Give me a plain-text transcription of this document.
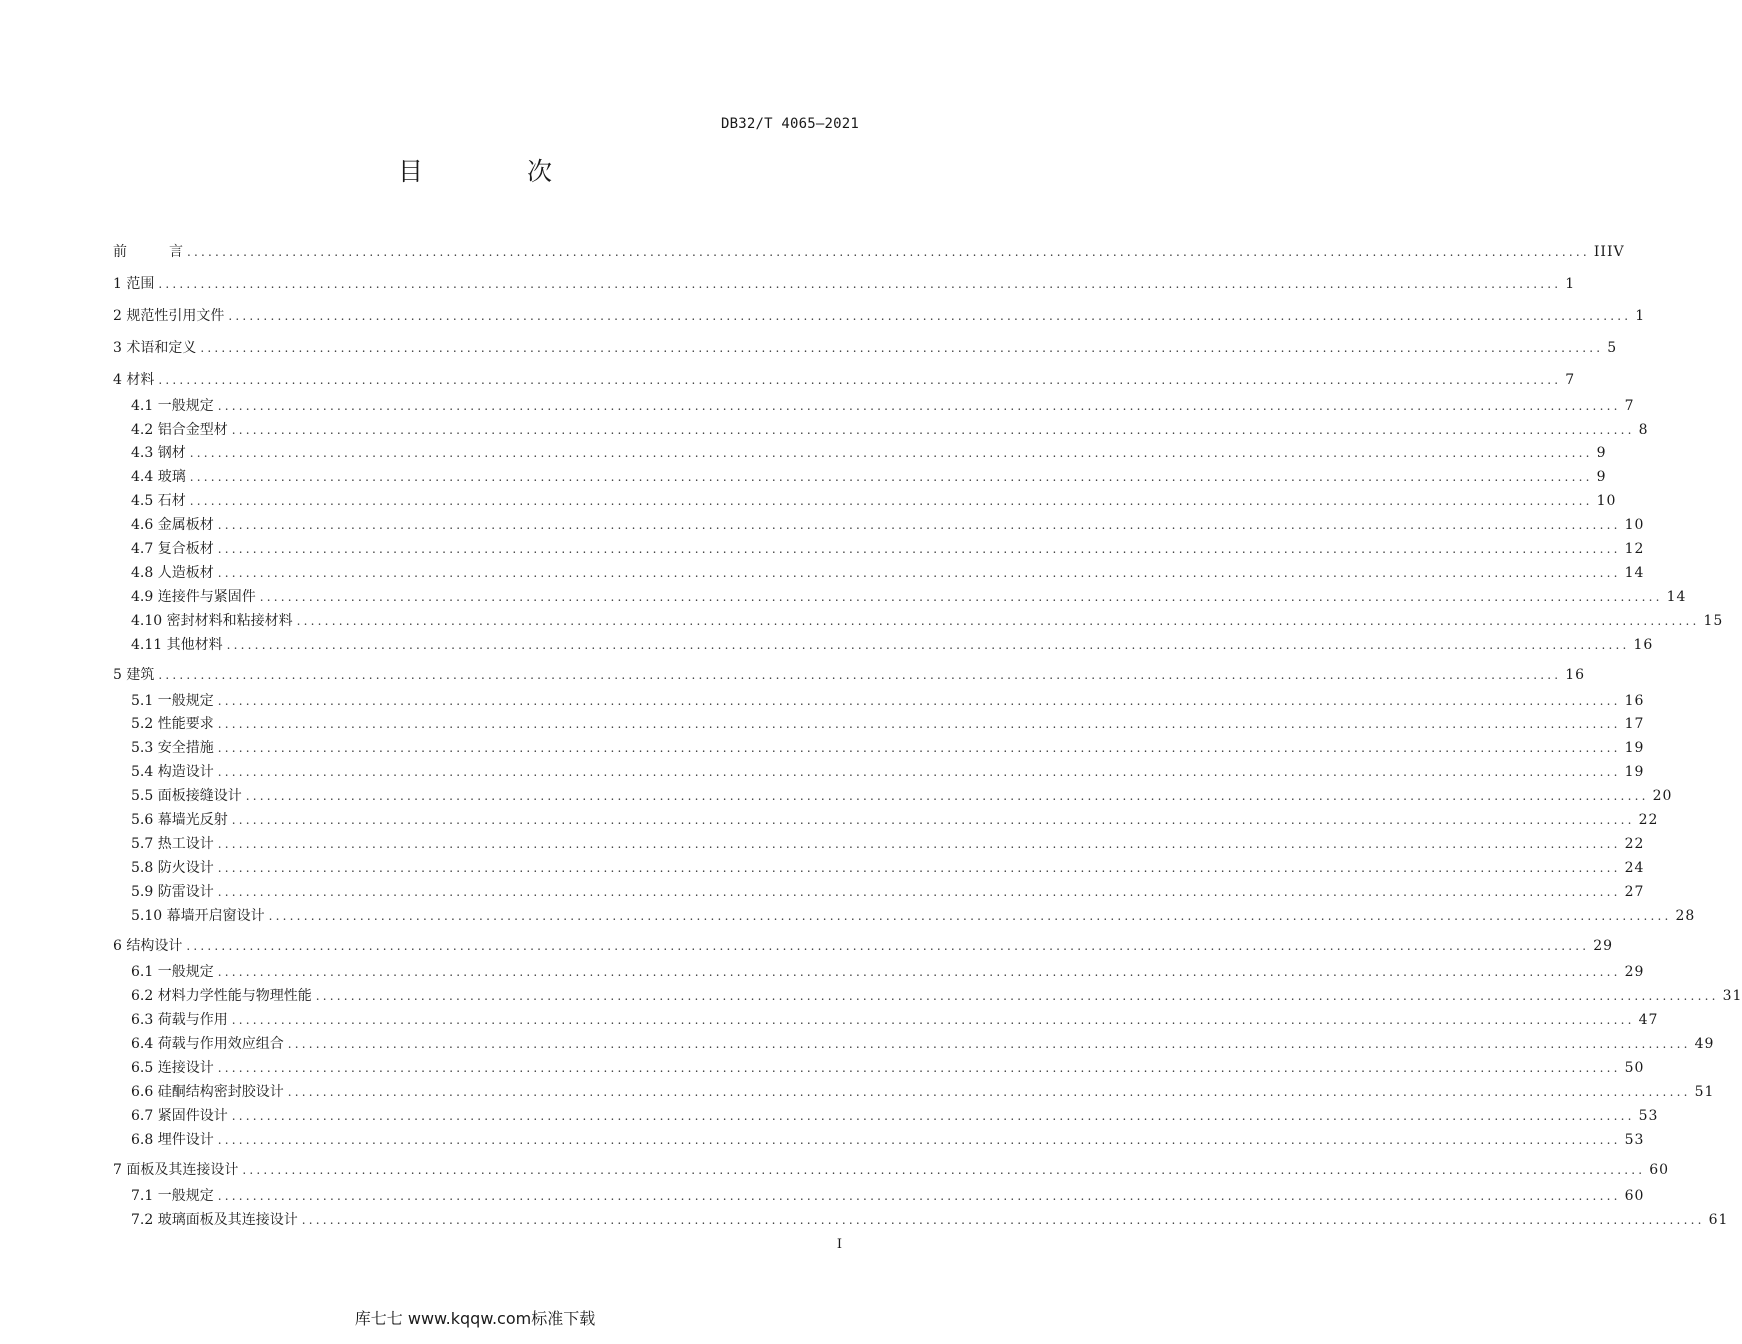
DB32/T 4065—2021
目 次
前　　　言 ........................................................................................................................................................................................................ IIIV
1 范围 ........................................................................................................................................................................................................ 1
2 规范性引用文件 ........................................................................................................................................................................................................ 1
3 术语和定义 ........................................................................................................................................................................................................ 5
4 材料 ........................................................................................................................................................................................................ 7
4.1 一般规定 ........................................................................................................................................................................................................ 7
4.2 铝合金型材 ........................................................................................................................................................................................................ 8
4.3 钢材 ........................................................................................................................................................................................................ 9
4.4 玻璃 ........................................................................................................................................................................................................ 9
4.5 石材 ........................................................................................................................................................................................................ 10
4.6 金属板材 ........................................................................................................................................................................................................ 10
4.7 复合板材 ........................................................................................................................................................................................................ 12
4.8 人造板材 ........................................................................................................................................................................................................ 14
4.9 连接件与紧固件 ........................................................................................................................................................................................................ 14
4.10 密封材料和粘接材料 ........................................................................................................................................................................................................ 15
4.11 其他材料 ........................................................................................................................................................................................................ 16
5 建筑 ........................................................................................................................................................................................................ 16
5.1 一般规定 ........................................................................................................................................................................................................ 16
5.2 性能要求 ........................................................................................................................................................................................................ 17
5.3 安全措施 ........................................................................................................................................................................................................ 19
5.4 构造设计 ........................................................................................................................................................................................................ 19
5.5 面板接缝设计 ........................................................................................................................................................................................................ 20
5.6 幕墙光反射 ........................................................................................................................................................................................................ 22
5.7 热工设计 ........................................................................................................................................................................................................ 22
5.8 防火设计 ........................................................................................................................................................................................................ 24
5.9 防雷设计 ........................................................................................................................................................................................................ 27
5.10 幕墙开启窗设计 ........................................................................................................................................................................................................ 28
6 结构设计 ........................................................................................................................................................................................................ 29
6.1 一般规定 ........................................................................................................................................................................................................ 29
6.2 材料力学性能与物理性能 ........................................................................................................................................................................................................ 31
6.3 荷载与作用 ........................................................................................................................................................................................................ 47
6.4 荷载与作用效应组合 ........................................................................................................................................................................................................ 49
6.5 连接设计 ........................................................................................................................................................................................................ 50
6.6 硅酮结构密封胶设计 ........................................................................................................................................................................................................ 51
6.7 紧固件设计 ........................................................................................................................................................................................................ 53
6.8 埋件设计 ........................................................................................................................................................................................................ 53
7 面板及其连接设计 ........................................................................................................................................................................................................ 60
7.1 一般规定 ........................................................................................................................................................................................................ 60
7.2 玻璃面板及其连接设计 ........................................................................................................................................................................................................ 61
I
库七七 www.kqqw.com标准下载
